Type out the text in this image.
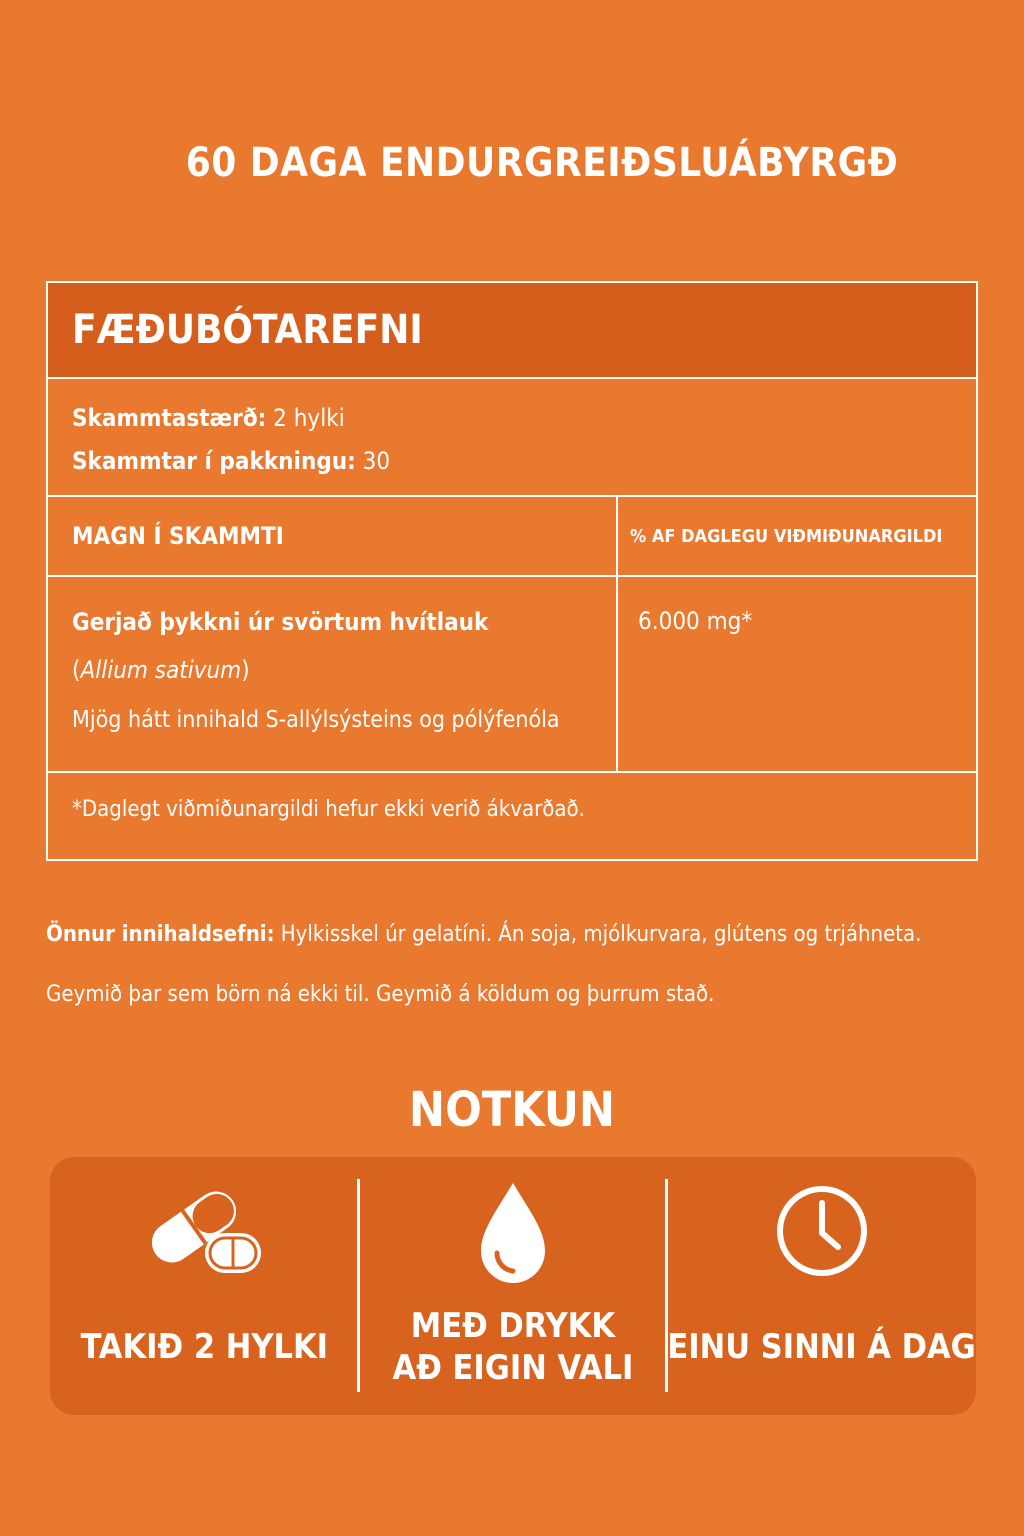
60 DAGA ENDURGREIÐSLUÁBYRGÐ
FÆÐUBÓTAREFNI
Skammtastærð: 2 hylki
Skammtar í pakkningu: 30
MAGN Í SKAMMTI	% AF DAGLEGU VIÐMIÐUNARGILDI
Gerjað þykkni úr svörtum hvítlauk
(Allium sativum)
Mjög hátt innihald S-allýlsýsteins og pólýfenóla
6.000 mg*
*Daglegt viðmiðunargildi hefur ekki verið ákvarðað.
Önnur innihaldsefni: Hylkisskel úr gelatíni. Án soja, mjólkurvara, glútens og trjáhneta.
Geymið þar sem börn ná ekki til. Geymið á köldum og þurrum stað.
NOTKUN
TAKIÐ 2 HYLKI
MEÐ DRYKK
AÐ EIGIN VALI
EINU SINNI Á DAG
